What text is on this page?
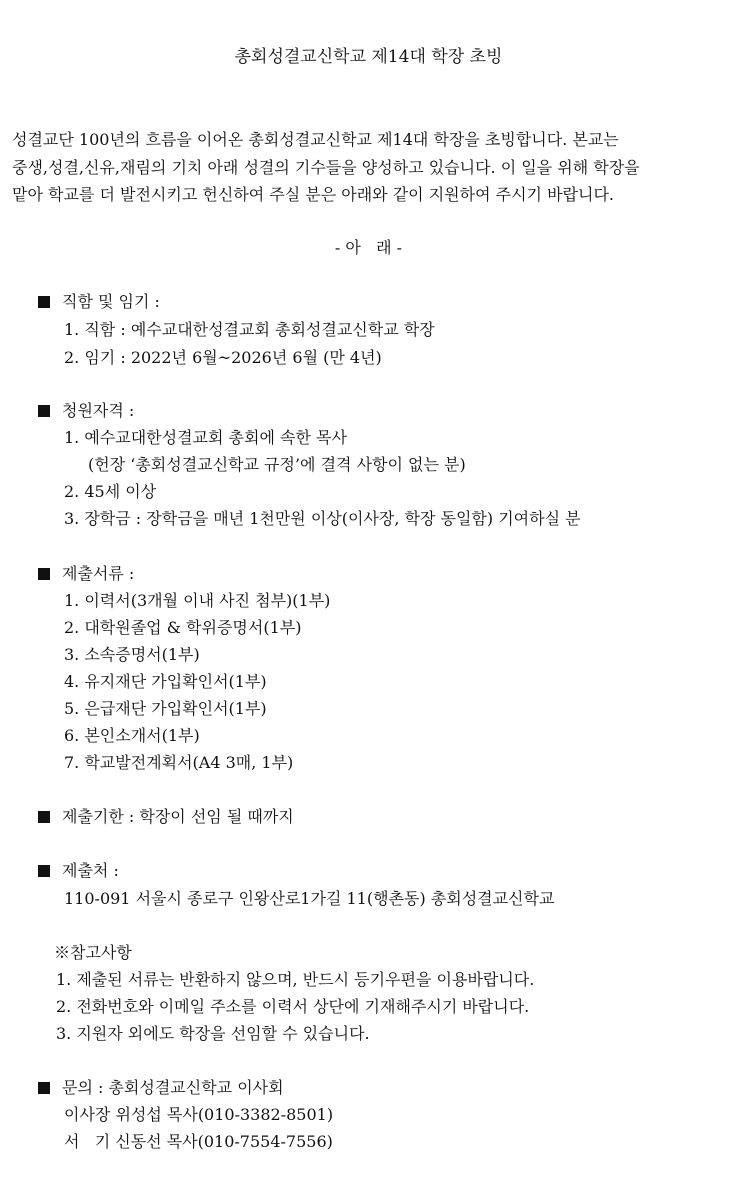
총회성결교신학교 제14대 학장 초빙
성결교단 100년의 흐름을 이어온 총회성결교신학교 제14대 학장을 초빙합니다. 본교는
중생,성결,신유,재림의 기치 아래 성결의 기수들을 양성하고 있습니다. 이 일을 위해 학장을
맡아 학교를 더 발전시키고 헌신하여 주실 분은 아래와 같이 지원하여 주시기 바랍니다.
- 아   래 -
직함 및 임기 :
1. 직함 : 예수교대한성결교회 총회성결교신학교 학장
2. 임기 : 2022년 6월~2026년 6월 (만 4년)
청원자격 :
1. 예수교대한성결교회 총회에 속한 목사
(헌장 ‘총회성결교신학교 규정’에 결격 사항이 없는 분)
2. 45세 이상
3. 장학금 : 장학금을 매년 1천만원 이상(이사장, 학장 동일함) 기여하실 분
제출서류 :
1. 이력서(3개월 이내 사진 첨부)(1부)
2. 대학원졸업 & 학위증명서(1부)
3. 소속증명서(1부)
4. 유지재단 가입확인서(1부)
5. 은급재단 가입확인서(1부)
6. 본인소개서(1부)
7. 학교발전계획서(A4 3매, 1부)
제출기한 : 학장이 선임 될 때까지
제출처 :
110-091 서울시 종로구 인왕산로1가길 11(행촌동) 총회성결교신학교
※참고사항
1. 제출된 서류는 반환하지 않으며, 반드시 등기우편을 이용바랍니다.
2. 전화번호와 이메일 주소를 이력서 상단에 기재해주시기 바랍니다.
3. 지원자 외에도 학장을 선임할 수 있습니다.
문의 : 총회성결교신학교 이사회
이사장 위성섭 목사(010-3382-8501)
서   기 신동선 목사(010-7554-7556)
